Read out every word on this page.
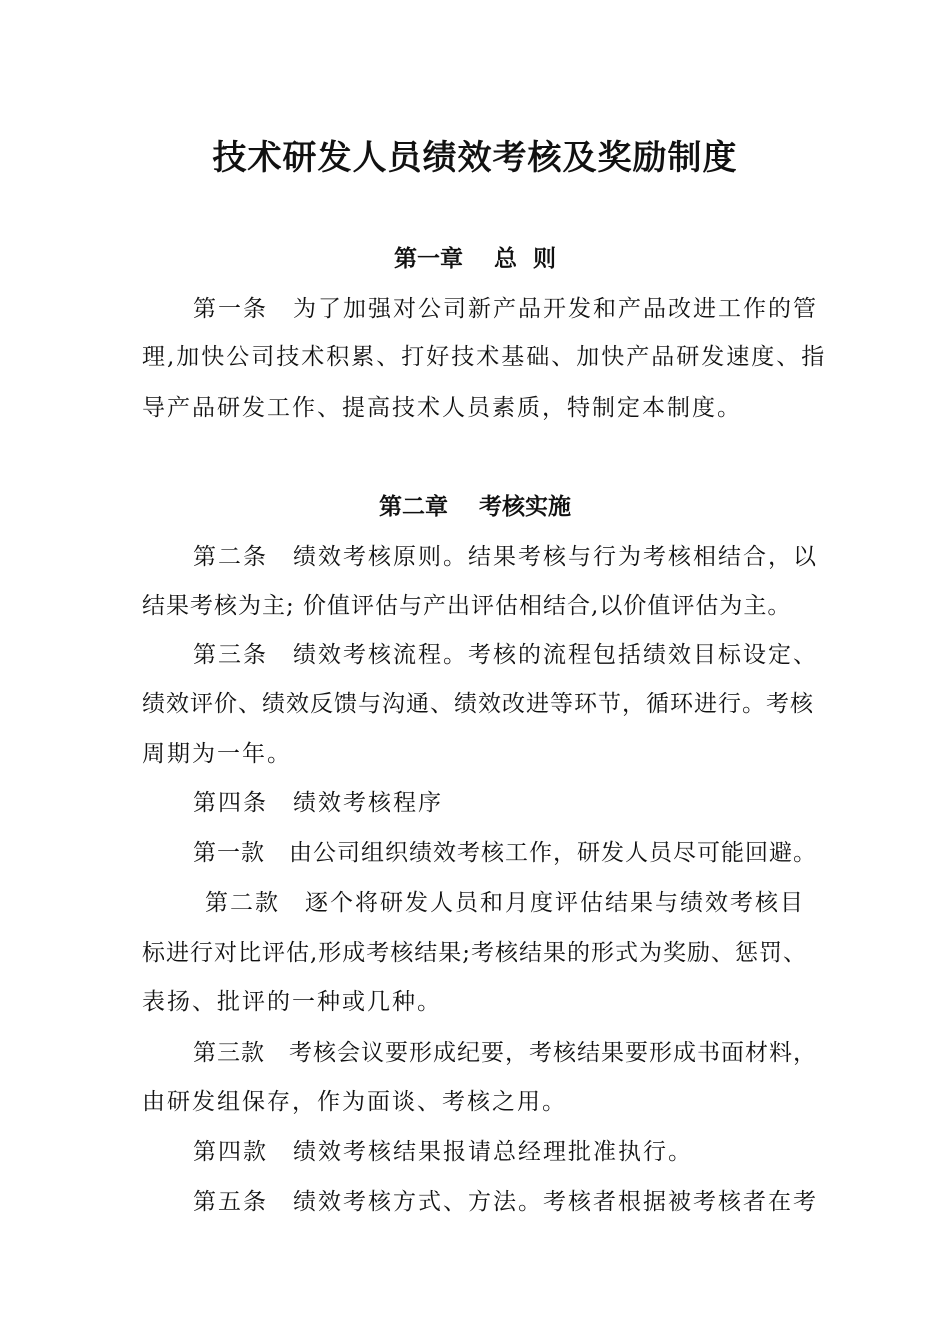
技术研发人员绩效考核及奖励制度
第一章　 总  则
第一条　为了加强对公司新产品开发和产品改进工作的管
理,加快公司技术积累、打好技术基础、加快产品研发速度、指
导产品研发工作、提高技术人员素质，特制定本制度。
第二章　 考核实施
第二条　绩效考核原则。结果考核与行为考核相结合，以
结果考核为主; 价值评估与产出评估相结合,以价值评估为主。
第三条　绩效考核流程。考核的流程包括绩效目标设定、
绩效评价、绩效反馈与沟通、绩效改进等环节，循环进行。考核
周期为一年。
第四条　绩效考核程序
第一款　由公司组织绩效考核工作，研发人员尽可能回避。
第二款　逐个将研发人员和月度评估结果与绩效考核目
标进行对比评估,形成考核结果;考核结果的形式为奖励、惩罚、
表扬、批评的一种或几种。
第三款　考核会议要形成纪要，考核结果要形成书面材料，
由研发组保存，作为面谈、考核之用。
第四款　绩效考核结果报请总经理批准执行。
第五条　绩效考核方式、方法。考核者根据被考核者在考
